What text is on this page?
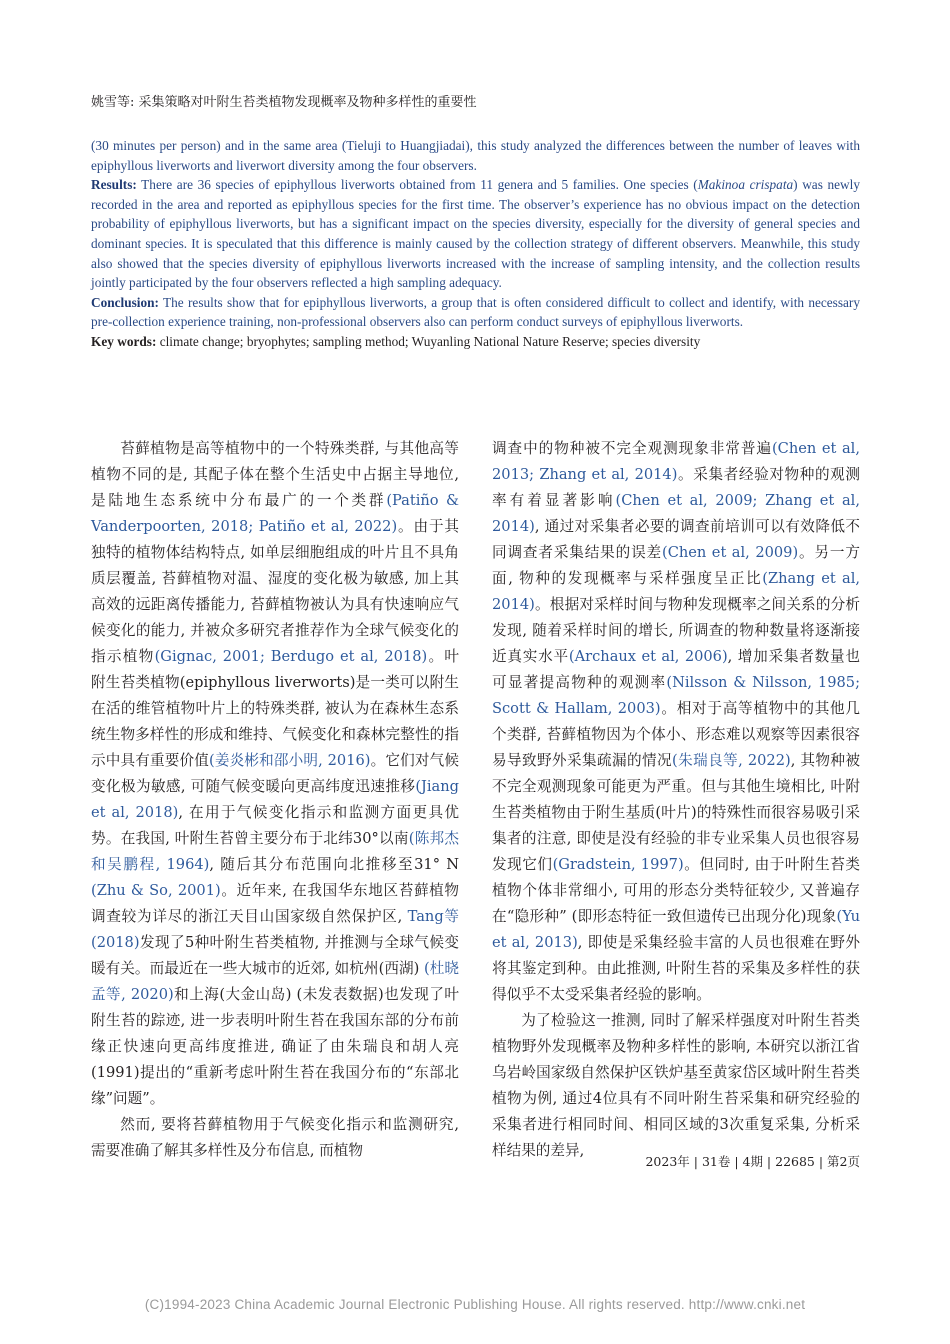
姚雪等: 采集策略对叶附生苔类植物发现概率及物种多样性的重要性
(30 minutes per person) and in the same area (Tieluji to Huangjiadai), this study analyzed the differences between the number of leaves with epiphyllous liverworts and liverwort diversity among the four observers.
Results: There are 36 species of epiphyllous liverworts obtained from 11 genera and 5 families. One species (Makinoa crispata) was newly recorded in the area and reported as epiphyllous species for the first time. The observer’s experience has no obvious impact on the detection probability of epiphyllous liverworts, but has a significant impact on the species diversity, especially for the diversity of general species and dominant species. It is speculated that this difference is mainly caused by the collection strategy of different observers. Meanwhile, this study also showed that the species diversity of epiphyllous liverworts increased with the increase of sampling intensity, and the collection results jointly participated by the four observers reflected a high sampling adequacy.
Conclusion: The results show that for epiphyllous liverworts, a group that is often considered difficult to collect and identify, with necessary pre-collection experience training, non-professional observers also can perform conduct surveys of epiphyllous liverworts.
Key words: climate change; bryophytes; sampling method; Wuyanling National Nature Reserve; species diversity

苔藓植物是高等植物中的一个特殊类群, 与其他高等植物不同的是, 其配子体在整个生活史中占据主导地位, 是陆地生态系统中分布最广的一个类群(Patiño & Vanderpoorten, 2018; Patiño et al, 2022)。由于其独特的植物体结构特点, 如单层细胞组成的叶片且不具角质层覆盖, 苔藓植物对温、湿度的变化极为敏感, 加上其高效的远距离传播能力, 苔藓植物被认为具有快速响应气候变化的能力, 并被众多研究者推荐作为全球气候变化的指示植物(Gignac, 2001; Berdugo et al, 2018)。叶附生苔类植物(epiphyllous liverworts)是一类可以附生在活的维管植物叶片上的特殊类群, 被认为在森林生态系统生物多样性的形成和维持、气候变化和森林完整性的指示中具有重要价值(姜炎彬和邵小明, 2016)。它们对气候变化极为敏感, 可随气候变暖向更高纬度迅速推移(Jiang et al, 2018), 在用于气候变化指示和监测方面更具优势。在我国, 叶附生苔曾主要分布于北纬30°以南(陈邦杰和吴鹏程, 1964), 随后其分布范围向北推移至31° N (Zhu & So, 2001)。近年来, 在我国华东地区苔藓植物调查较为详尽的浙江天目山国家级自然保护区, Tang等(2018)发现了5种叶附生苔类植物, 并推测与全球气候变暖有关。而最近在一些大城市的近郊, 如杭州(西湖) (杜晓孟等, 2020)和上海(大金山岛) (未发表数据)也发现了叶附生苔的踪迹, 进一步表明叶附生苔在我国东部的分布前缘正快速向更高纬度推进, 确证了由朱瑞良和胡人亮(1991)提出的“重新考虑叶附生苔在我国分布的“东部北缘”问题”。

然而, 要将苔藓植物用于气候变化指示和监测研究, 需要准确了解其多样性及分布信息, 而植物

调查中的物种被不完全观测现象非常普遍(Chen et al, 2013; Zhang et al, 2014)。采集者经验对物种的观测率有着显著影响(Chen et al, 2009; Zhang et al, 2014), 通过对采集者必要的调查前培训可以有效降低不同调查者采集结果的误差(Chen et al, 2009)。另一方面, 物种的发现概率与采样强度呈正比(Zhang et al, 2014)。根据对采样时间与物种发现概率之间关系的分析发现, 随着采样时间的增长, 所调查的物种数量将逐渐接近真实水平(Archaux et al, 2006), 增加采集者数量也可显著提高物种的观测率(Nilsson & Nilsson, 1985; Scott & Hallam, 2003)。相对于高等植物中的其他几个类群, 苔藓植物因为个体小、形态难以观察等因素很容易导致野外采集疏漏的情况(朱瑞良等, 2022), 其物种被不完全观测现象可能更为严重。但与其他生境相比, 叶附生苔类植物由于附生基质(叶片)的特殊性而很容易吸引采集者的注意, 即使是没有经验的非专业采集人员也很容易发现它们(Gradstein, 1997)。但同时, 由于叶附生苔类植物个体非常细小, 可用的形态分类特征较少, 又普遍存在“隐形种” (即形态特征一致但遗传已出现分化)现象(Yu et al, 2013), 即使是采集经验丰富的人员也很难在野外将其鉴定到种。由此推测, 叶附生苔的采集及多样性的获得似乎不太受采集者经验的影响。

为了检验这一推测, 同时了解采样强度对叶附生苔类植物野外发现概率及物种多样性的影响, 本研究以浙江省乌岩岭国家级自然保护区铁炉基至黄家岱区域叶附生苔类植物为例, 通过4位具有不同叶附生苔采集和研究经验的采集者进行相同时间、相同区域的3次重复采集, 分析采样结果的差异,

2023年 | 31卷 | 4期 | 22685 | 第2页
(C)1994-2023 China Academic Journal Electronic Publishing House. All rights reserved. http://www.cnki.net
